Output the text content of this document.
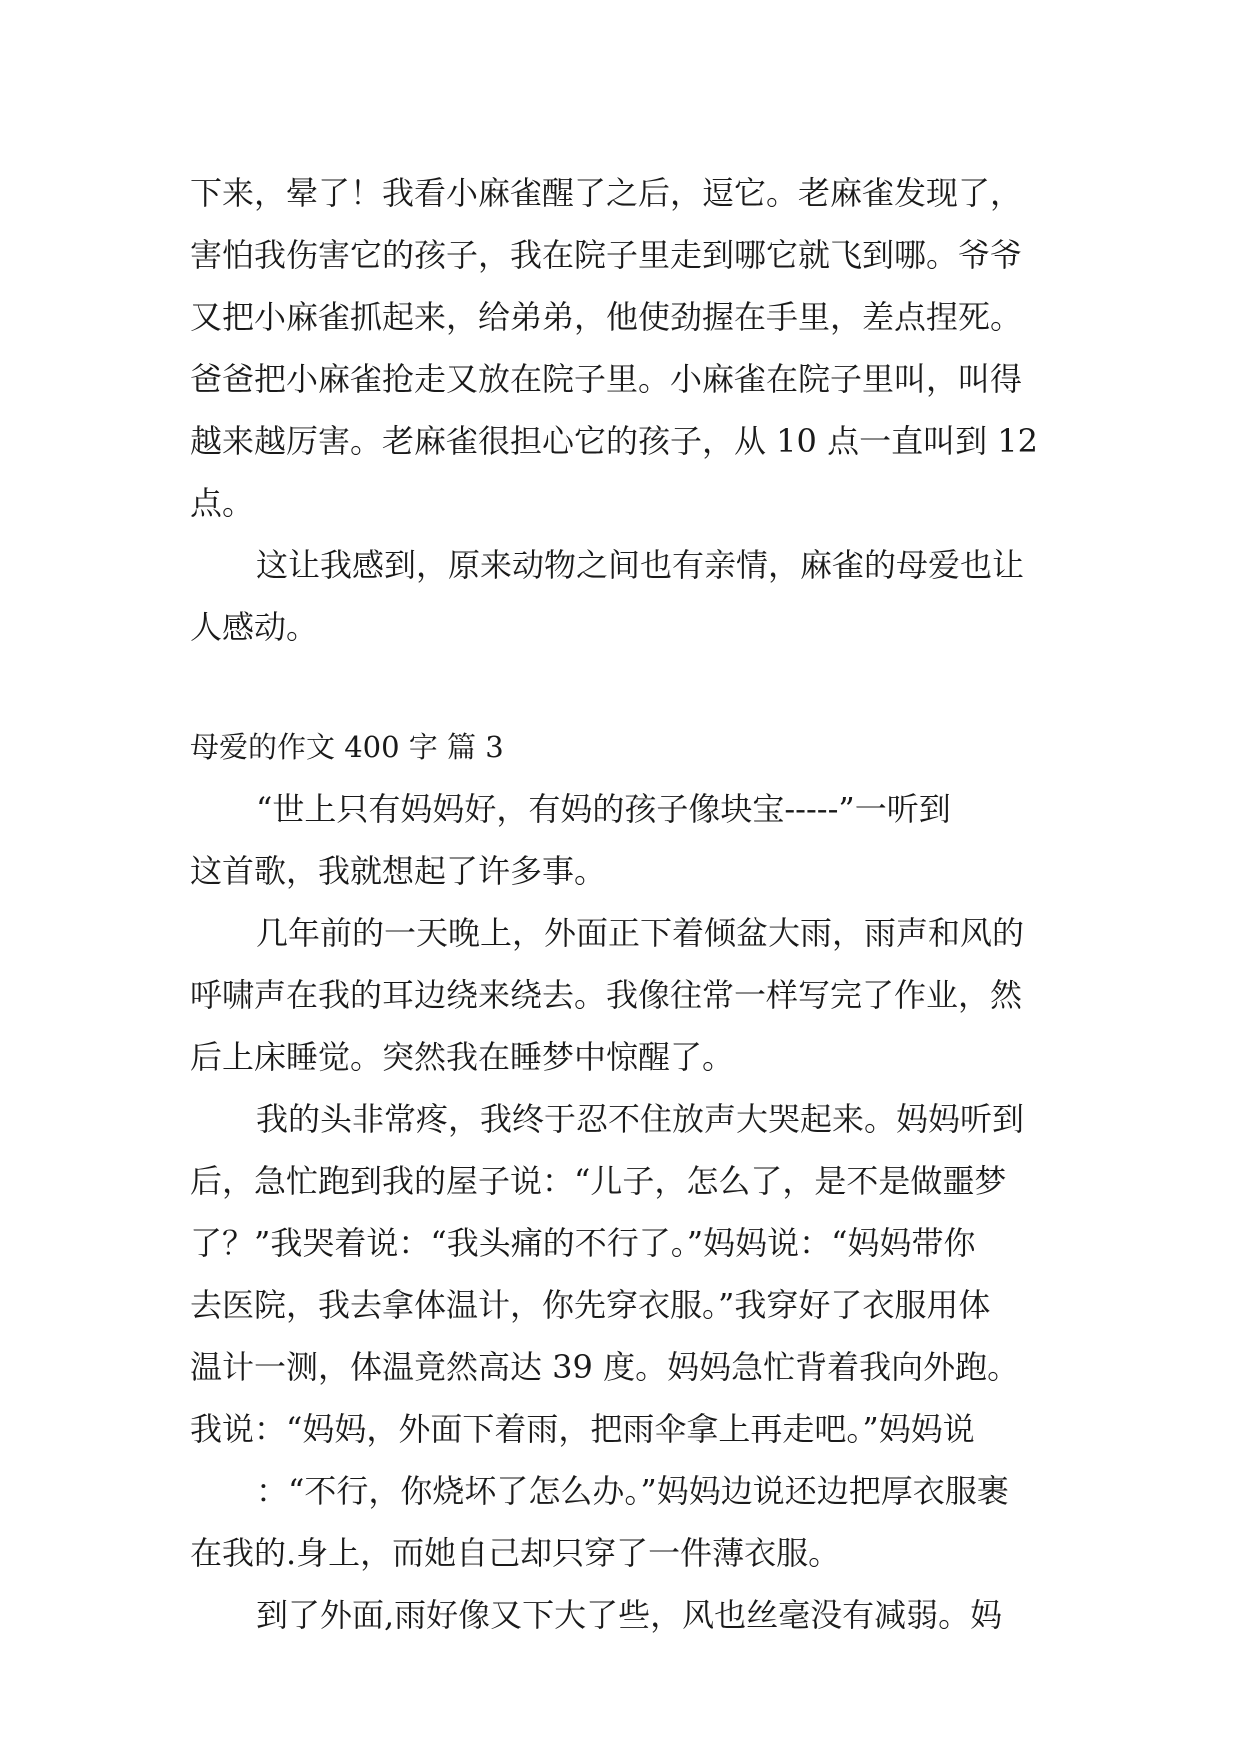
下来，晕了！我看小麻雀醒了之后，逗它。老麻雀发现了，
害怕我伤害它的孩子，我在院子里走到哪它就飞到哪。爷爷
又把小麻雀抓起来，给弟弟，他使劲握在手里，差点捏死。
爸爸把小麻雀抢走又放在院子里。小麻雀在院子里叫，叫得
越来越厉害。老麻雀很担心它的孩子，从 10 点一直叫到 12
点。
这让我感到，原来动物之间也有亲情，麻雀的母爱也让
人感动。
母爱的作文 400 字 篇 3
“世上只有妈妈好，有妈的孩子像块宝-----”一听到
这首歌，我就想起了许多事。
几年前的一天晚上，外面正下着倾盆大雨，雨声和风的
呼啸声在我的耳边绕来绕去。我像往常一样写完了作业，然
后上床睡觉。突然我在睡梦中惊醒了。
我的头非常疼，我终于忍不住放声大哭起来。妈妈听到
后，急忙跑到我的屋子说：“儿子，怎么了，是不是做噩梦
了？”我哭着说：“我头痛的不行了。”妈妈说：“妈妈带你
去医院，我去拿体温计，你先穿衣服。”我穿好了衣服用体
温计一测，体温竟然高达 39 度。妈妈急忙背着我向外跑。
我说：“妈妈，外面下着雨，把雨伞拿上再走吧。”妈妈说
：“不行，你烧坏了怎么办。”妈妈边说还边把厚衣服裹
在我的.身上，而她自己却只穿了一件薄衣服。
到了外面,雨好像又下大了些，风也丝毫没有减弱。妈
